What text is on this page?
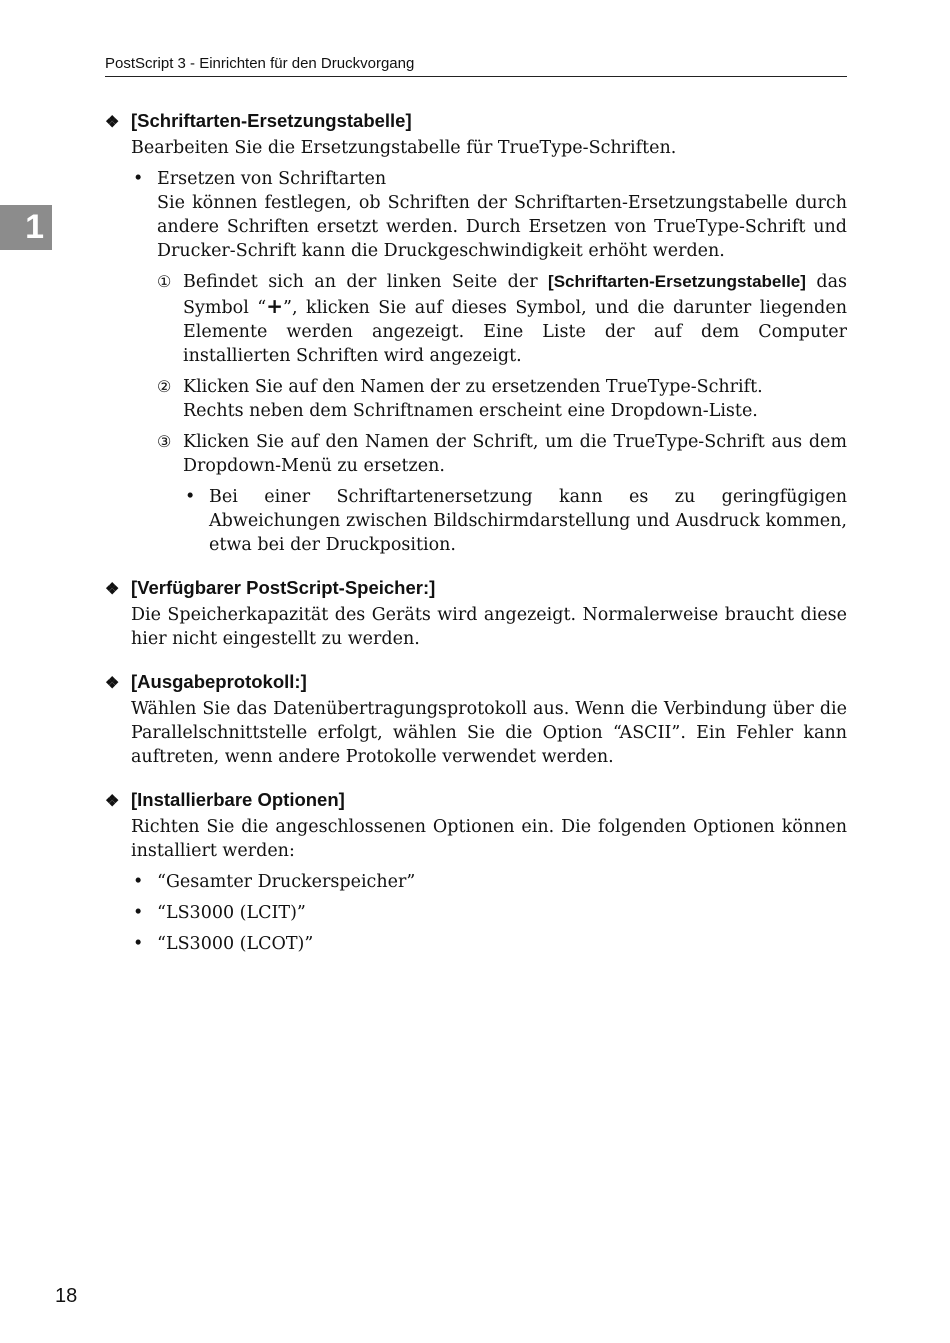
PostScript 3 - Einrichten für den Druckvorgang
1
❖ [Schriftarten-Ersetzungstabelle]
Bearbeiten Sie die Ersetzungstabelle für TrueType-Schriften.
• Ersetzen von Schriftarten
Sie können festlegen, ob Schriften der Schriftarten-Ersetzungstabelle durch andere Schriften ersetzt werden. Durch Ersetzen von TrueType-Schrift und Drucker-Schrift kann die Druckgeschwindigkeit erhöht werden.
① Befindet sich an der linken Seite der [Schriftarten-Ersetzungstabelle] das Symbol “+”, klicken Sie auf dieses Symbol, und die darunter liegenden Elemente werden angezeigt. Eine Liste der auf dem Computer installierten Schriften wird angezeigt.
② Klicken Sie auf den Namen der zu ersetzenden TrueType-Schrift.
Rechts neben dem Schriftnamen erscheint eine Dropdown-Liste.
③ Klicken Sie auf den Namen der Schrift, um die TrueType-Schrift aus dem Dropdown-Menü zu ersetzen.
• Bei einer Schriftartenersetzung kann es zu geringfügigen Abweichungen zwischen Bildschirmdarstellung und Ausdruck kommen, etwa bei der Druckposition.
❖ [Verfügbarer PostScript-Speicher:]
Die Speicherkapazität des Geräts wird angezeigt. Normalerweise braucht diese hier nicht eingestellt zu werden.
❖ [Ausgabeprotokoll:]
Wählen Sie das Datenübertragungsprotokoll aus. Wenn die Verbindung über die Parallelschnittstelle erfolgt, wählen Sie die Option “ASCII”. Ein Fehler kann auftreten, wenn andere Protokolle verwendet werden.
❖ [Installierbare Optionen]
Richten Sie die angeschlossenen Optionen ein. Die folgenden Optionen können installiert werden:
• “Gesamter Druckerspeicher”
• “LS3000 (LCIT)”
• “LS3000 (LCOT)”
18
